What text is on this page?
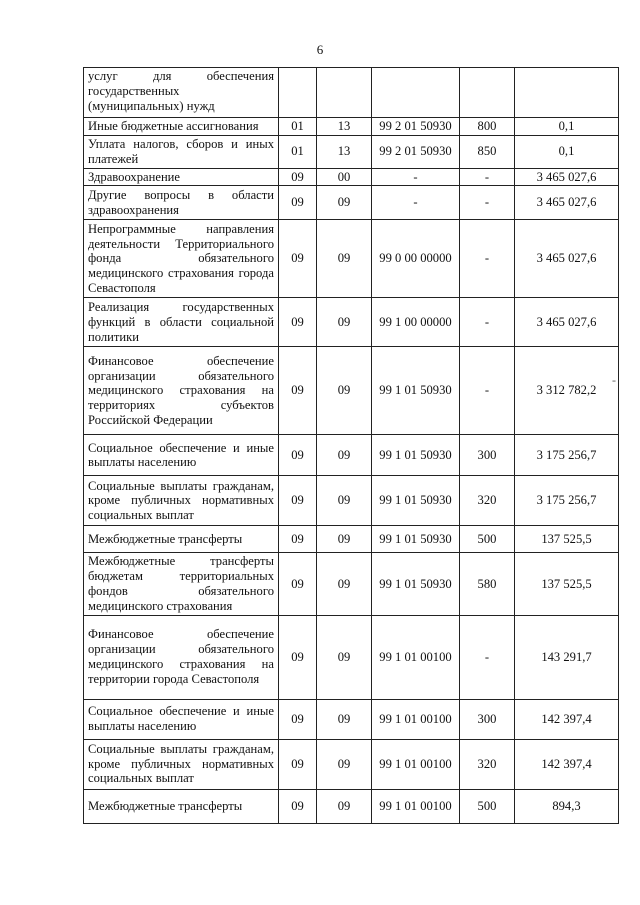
6
услуг для обеспечения государственных (муниципальных) нужд					
Иные бюджетные ассигнования	01	13	99 2 01 50930	800	0,1
Уплата налогов, сборов и иных платежей	01	13	99 2 01 50930	850	0,1
Здравоохранение	09	00	-	-	3 465 027,6
Другие вопросы в области здравоохранения	09	09	-	-	3 465 027,6
Непрограммные направления деятельности Территориального фонда обязательного медицинского страхования города Севастополя	09	09	99 0 00 00000	-	3 465 027,6
Реализация государственных функций в области социальной политики	09	09	99 1 00 00000	-	3 465 027,6
Финансовое обеспечение организации обязательного медицинского страхования на территориях субъектов Российской Федерации	09	09	99 1 01 50930	-	3 312 782,2
Социальное обеспечение и иные выплаты населению	09	09	99 1 01 50930	300	3 175 256,7
Социальные выплаты гражданам, кроме публичных нормативных социальных выплат	09	09	99 1 01 50930	320	3 175 256,7
Межбюджетные трансферты	09	09	99 1 01 50930	500	137 525,5
Межбюджетные трансферты бюджетам территориальных фондов обязательного медицинского страхования	09	09	99 1 01 50930	580	137 525,5
Финансовое обеспечение организации обязательного медицинского страхования на территории города Севастополя	09	09	99 1 01 00100	-	143 291,7
Социальное обеспечение и иные выплаты населению	09	09	99 1 01 00100	300	142 397,4
Социальные выплаты гражданам, кроме публичных нормативных социальных выплат	09	09	99 1 01 00100	320	142 397,4
Межбюджетные трансферты	09	09	99 1 01 00100	500	894,3
-
